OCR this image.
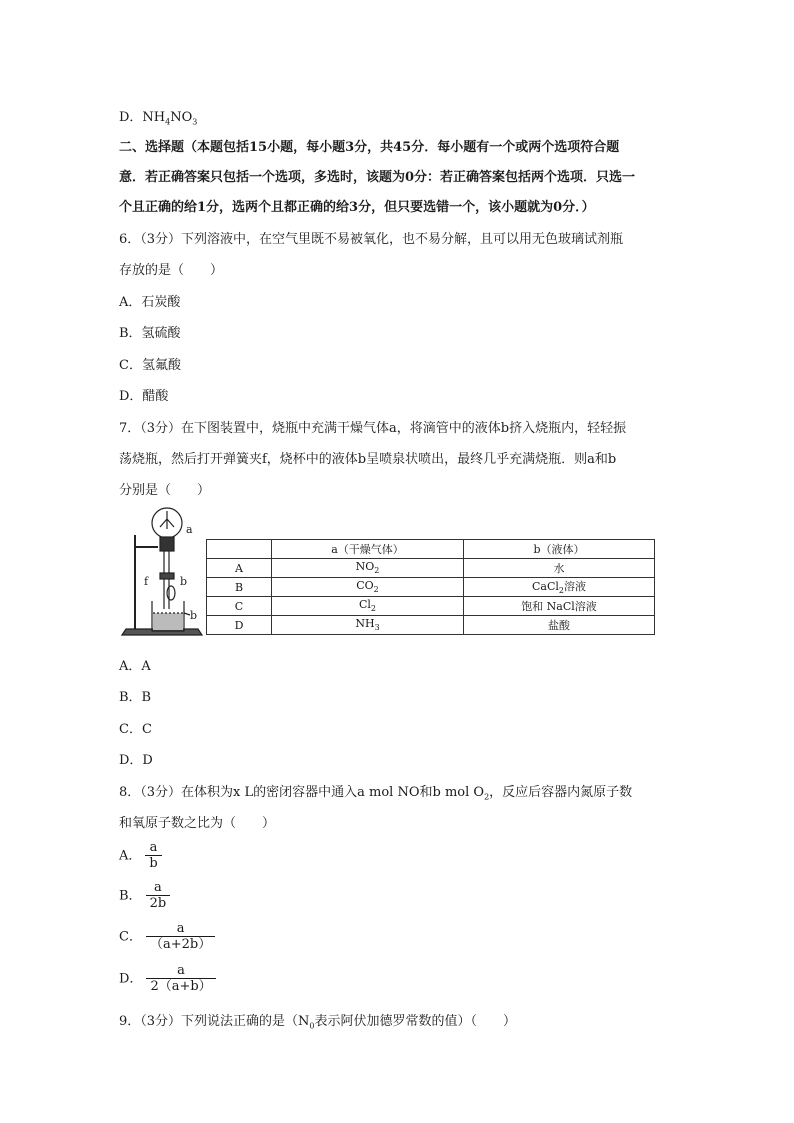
D．$NH_4NO_3$
二、选择题（本题包括15小题，每小题3分，共45分．每小题有一个或两个选项符合题
意．若正确答案只包括一个选项，多选时，该题为0分：若正确答案包括两个选项．只选一
个且正确的给1分，选两个且都正确的给3分，但只要选错一个，该小题就为0分．）
6．（3分）下列溶液中，在空气里既不易被氧化，也不易分解，且可以用无色玻璃试剂瓶
存放的是（　　）
A．石炭酸
B．氢硫酸
C．氢氟酸
D．醋酸
7．（3分）在下图装置中，烧瓶中充满干燥气体a，将滴管中的液体b挤入烧瓶内，轻轻振
荡烧瓶，然后打开弹簧夹f，烧杯中的液体b呈喷泉状喷出，最终几乎充满烧瓶．则a和b
分别是（　　）
a
b
f
b
	a（干燥气体）	b（液体）
A	$NO_2$	水
B	$CO_2$	CaCl$_2$溶液
C	$Cl_2$	饱和 NaCl溶液
D	$NH_3$	盐酸
A．A
B．B
C．C
D．D
8．（3分）在体积为x L的密闭容器中通入a mol NO和b mol $O_2$，反应后容器内氮原子数
和氧原子数之比为（　　）
A． $\frac{a}{b}$
B． $\frac{a}{2b}$
C． $\frac{a}{(a+2b)}$
D． $\frac{a}{2(a+b)}$
9．（3分）下列说法正确的是（$N_0$表示阿伏加德罗常数的值）（　　）
